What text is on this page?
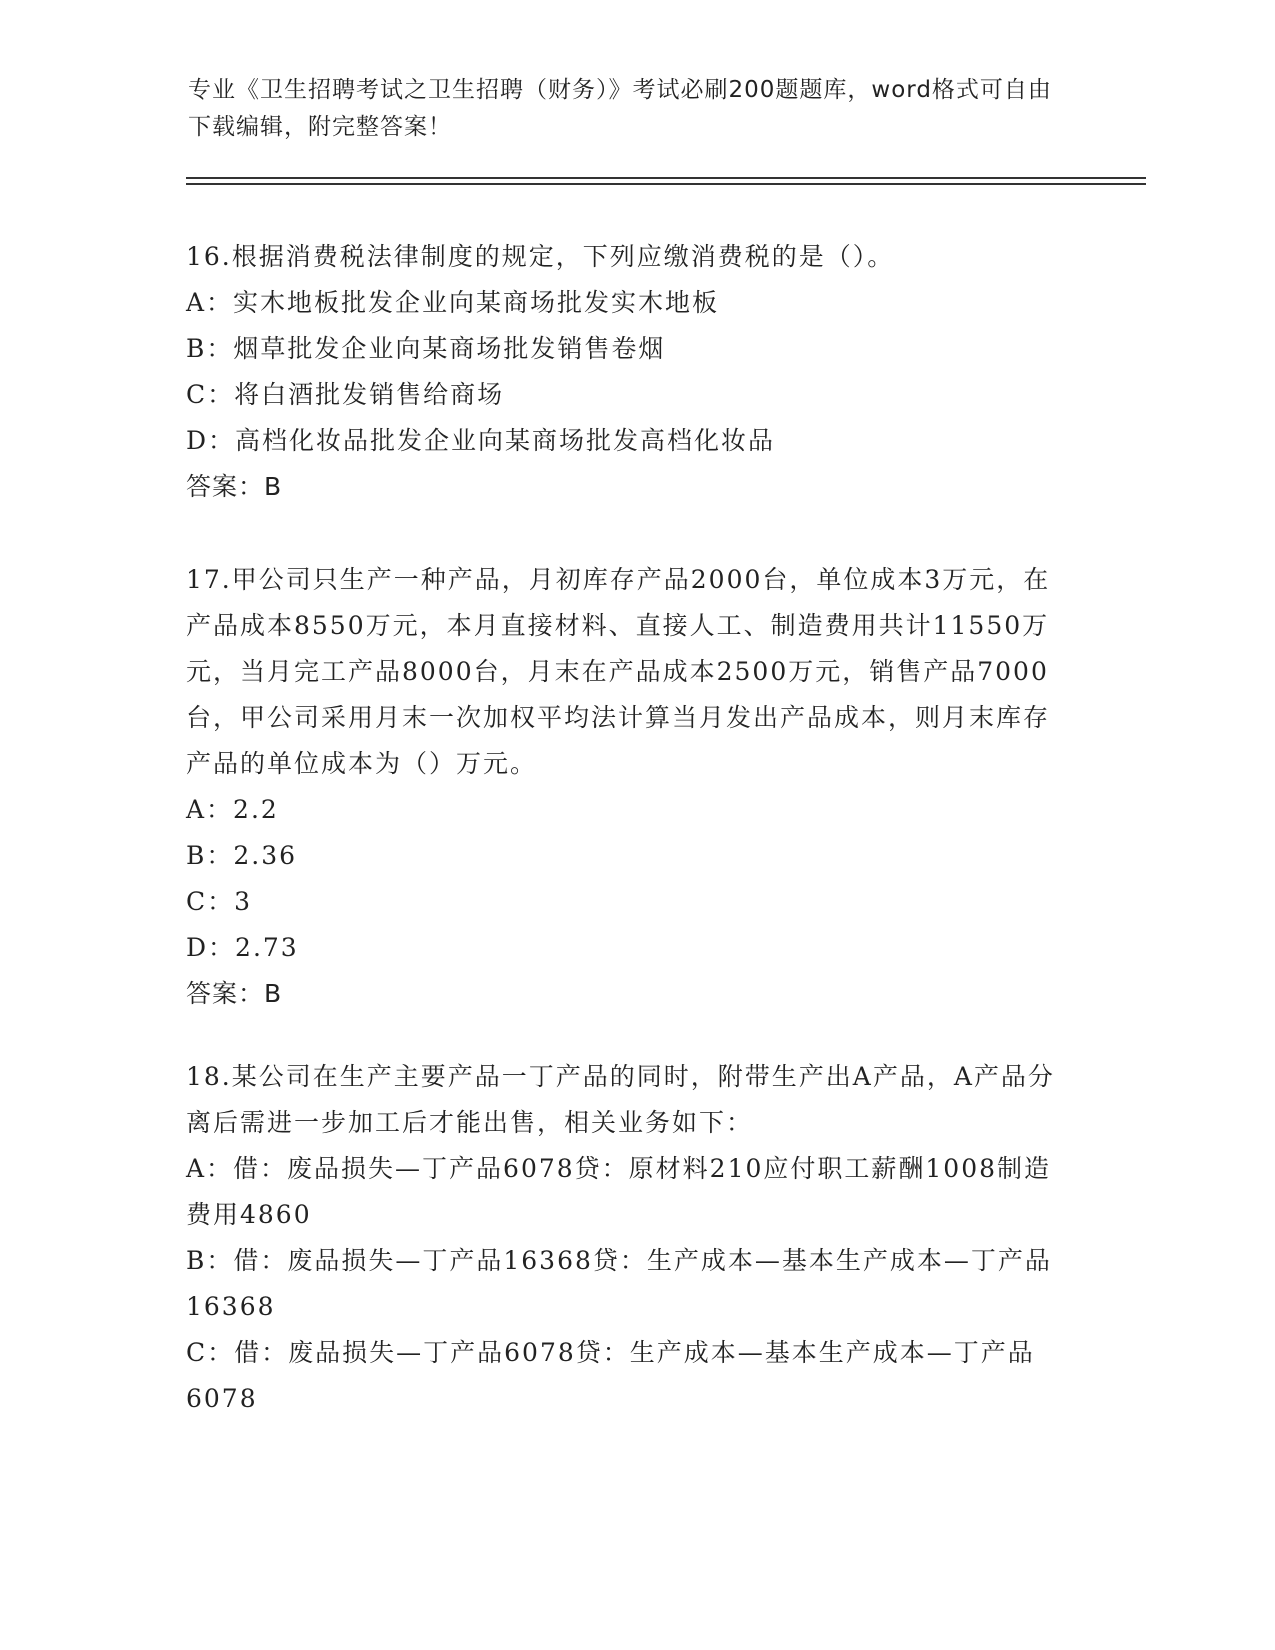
专业《卫生招聘考试之卫生招聘（财务）》考试必刷200题题库，word格式可自由下载编辑，附完整答案！

16.根据消费税法律制度的规定，下列应缴消费税的是（）。

A：实木地板批发企业向某商场批发实木地板

B：烟草批发企业向某商场批发销售卷烟

C：将白酒批发销售给商场

D：高档化妆品批发企业向某商场批发高档化妆品

答案：B

17.甲公司只生产一种产品，月初库存产品2000台，单位成本3万元，在产品成本8550万元，本月直接材料、直接人工、制造费用共计11550万元，当月完工产品8000台，月末在产品成本2500万元，销售产品7000台，甲公司采用月末一次加权平均法计算当月发出产品成本，则月末库存产品的单位成本为（）万元。

A：2.2

B：2.36

C：3

D：2.73

答案：B

18.某公司在生产主要产品一丁产品的同时，附带生产出A产品，A产品分离后需进一步加工后才能出售，相关业务如下：

A：借：废品损失—丁产品6078贷：原材料210应付职工薪酬1008制造费用4860

B：借：废品损失—丁产品16368贷：生产成本—基本生产成本—丁产品16368

C：借：废品损失—丁产品6078贷：生产成本—基本生产成本—丁产品6078
